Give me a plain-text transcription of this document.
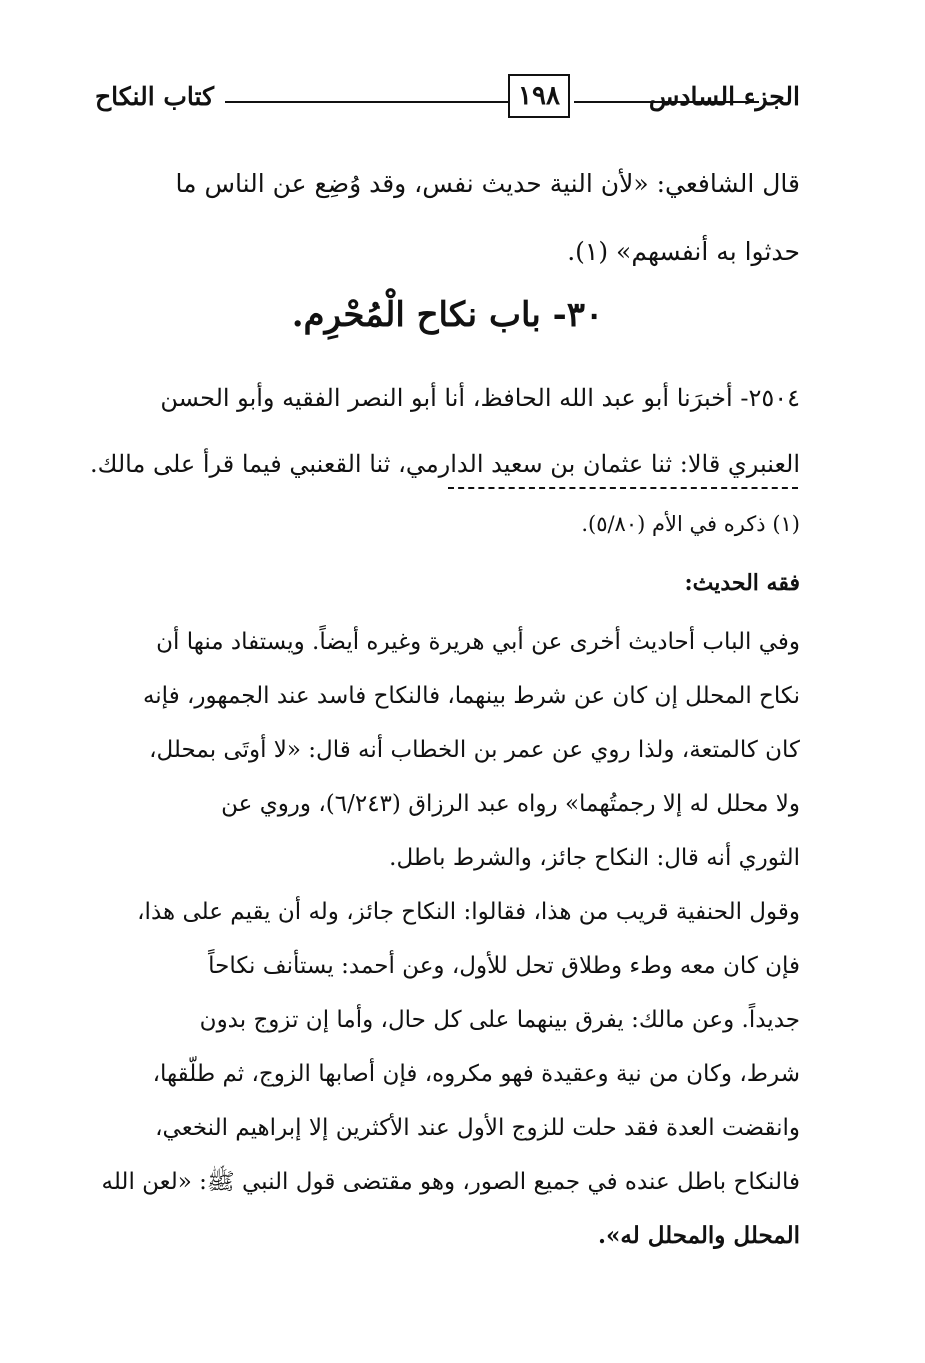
كتاب النكاح	١٩٨	الجزء السادس
قال الشافعي: «لأن النية حديث نفس، وقد وُضِع عن الناس ما
حدثوا به أنفسهم» (١).
٣٠- باب نكاح الْمُحْرِم.
٢٥٠٤- أخبرَنا أبو عبد الله الحافظ، أنا أبو النصر الفقيه وأبو الحسن
العنبري قالا: ثنا عثمان بن سعيد الدارمي، ثنا القعنبي فيما قرأ على مالك.
(١) ذكره في الأم (٥/٨٠).
فقه الحديث:
وفي الباب أحاديث أخرى عن أبي هريرة وغيره أيضاً. ويستفاد منها أن
نكاح المحلل إن كان عن شرط بينهما، فالنكاح فاسد عند الجمهور، فإنه
كان كالمتعة، ولذا روي عن عمر بن الخطاب أنه قال: «لا أوتَى بمحلل،
ولا محلل له إلا رجمتُهما» رواه عبد الرزاق (٦/٢٤٣)، وروي عن
الثوري أنه قال: النكاح جائز، والشرط باطل.
وقول الحنفية قريب من هذا، فقالوا: النكاح جائز، وله أن يقيم على هذا،
فإن كان معه وطء وطلاق تحل للأول، وعن أحمد: يستأنف نكاحاً
جديداً. وعن مالك: يفرق بينهما على كل حال، وأما إن تزوج بدون
شرط، وكان من نية وعقيدة فهو مكروه، فإن أصابها الزوج، ثم طلّقها،
وانقضت العدة فقد حلت للزوج الأول عند الأكثرين إلا إبراهيم النخعي،
فالنكاح باطل عنده في جميع الصور، وهو مقتضى قول النبي ﷺ: «لعن الله
المحلل والمحلل له».
